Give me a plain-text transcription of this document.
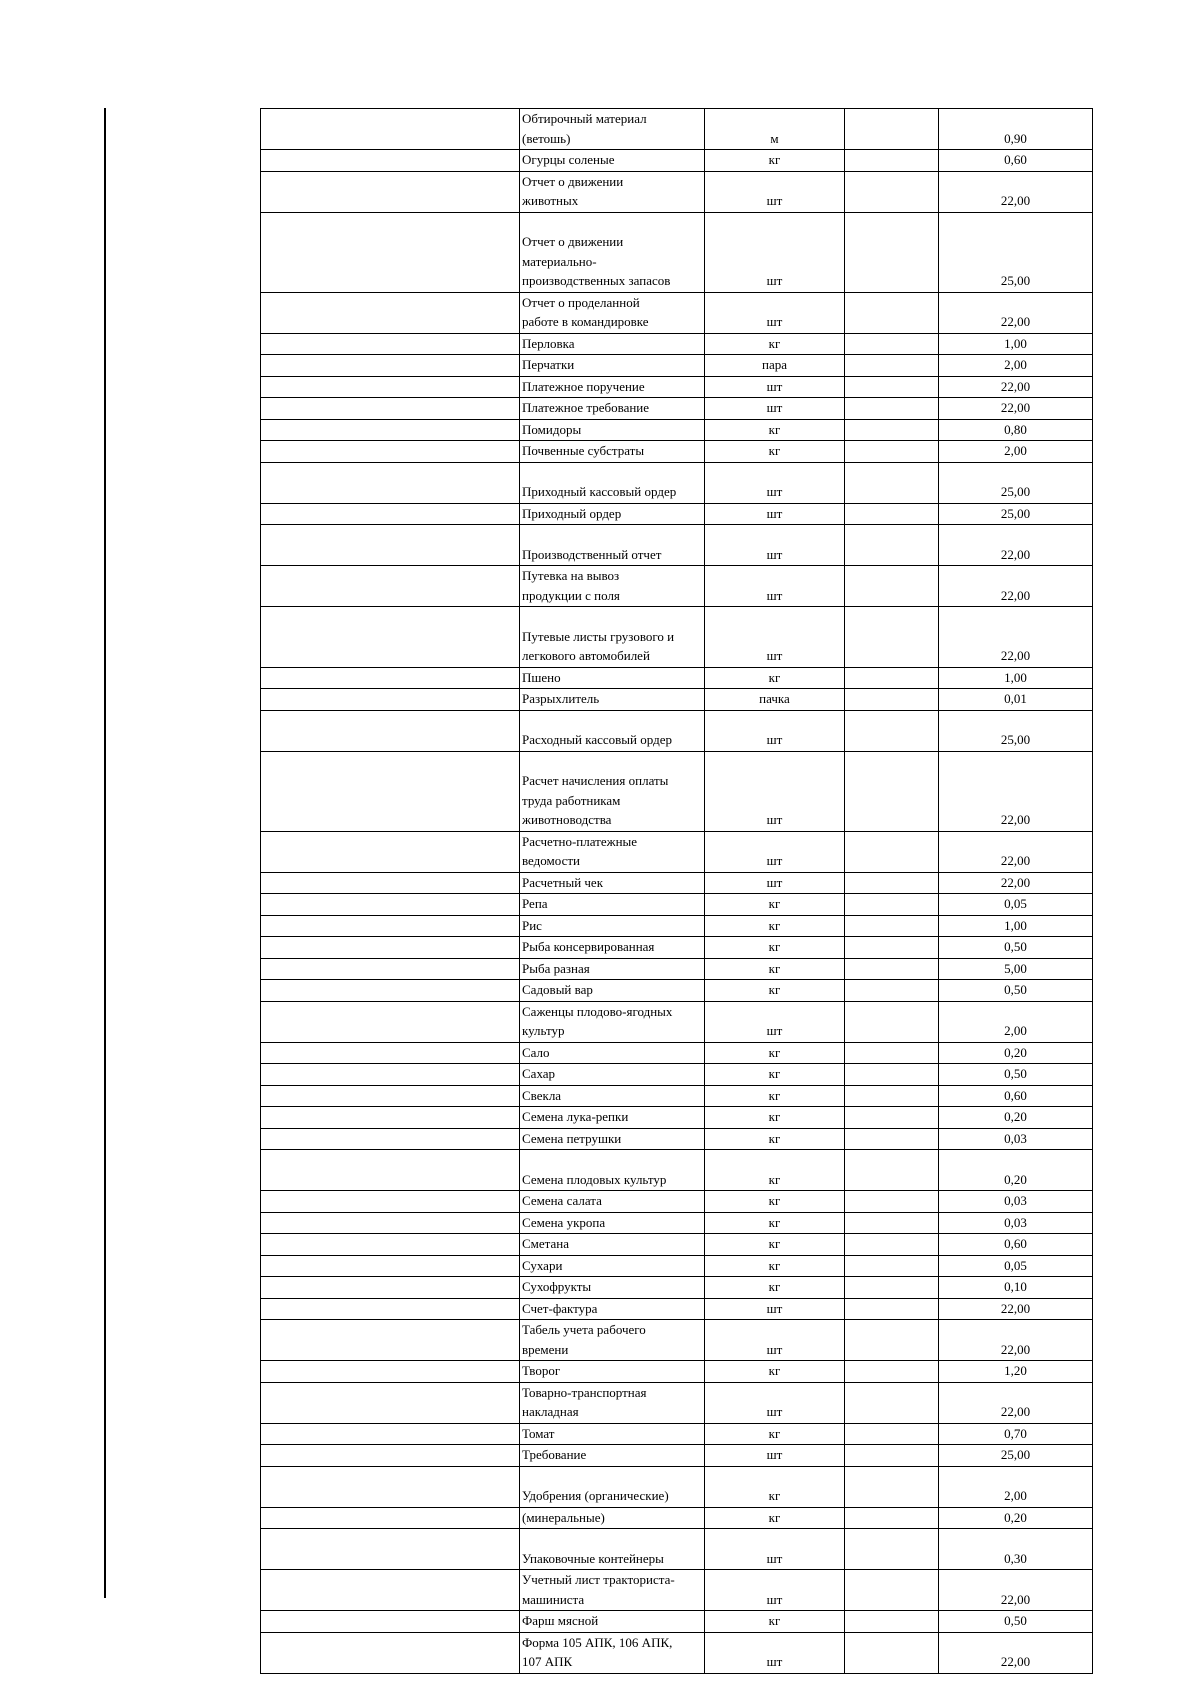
	Обтирочный материал
(ветошь)	м		0,90
	Огурцы соленые	кг		0,60
	Отчет о движении
животных	шт		22,00

Отчет о движении
материально-
производственных запасов	шт		25,00
	Отчет о проделанной
работе в командировке	шт		22,00
	Перловка	кг		1,00
	Перчатки	пара		2,00
	Платежное поручение	шт		22,00
	Платежное требование	шт		22,00
	Помидоры	кг		0,80
	Почвенные субстраты	кг		2,00

Приходный кассовый ордер	шт		25,00
	Приходный ордер	шт		25,00

Производственный отчет	шт		22,00
	Путевка на вывоз
продукции с поля	шт		22,00

Путевые листы грузового и
легкового автомобилей	шт		22,00
	Пшено	кг		1,00
	Разрыхлитель	пачка		0,01

Расходный кассовый ордер	шт		25,00

Расчет начисления оплаты
труда работникам
животноводства	шт		22,00
	Расчетно-платежные
ведомости	шт		22,00
	Расчетный чек	шт		22,00
	Репа	кг		0,05
	Рис	кг		1,00
	Рыба консервированная	кг		0,50
	Рыба разная	кг		5,00
	Садовый вар	кг		0,50
	Саженцы плодово-ягодных
культур	шт		2,00
	Сало	кг		0,20
	Сахар	кг		0,50
	Свекла	кг		0,60
	Семена лука-репки	кг		0,20
	Семена петрушки	кг		0,03

Семена плодовых культур	кг		0,20
	Семена салата	кг		0,03
	Семена укропа	кг		0,03
	Сметана	кг		0,60
	Сухари	кг		0,05
	Сухофрукты	кг		0,10
	Счет-фактура	шт		22,00
	Табель учета рабочего
времени	шт		22,00
	Творог	кг		1,20
	Товарно-транспортная
накладная	шт		22,00
	Томат	кг		0,70
	Требование	шт		25,00

Удобрения (органические)	кг		2,00
	(минеральные)	кг		0,20

Упаковочные контейнеры	шт		0,30
	Учетный лист тракториста-
машиниста	шт		22,00
	Фарш мясной	кг		0,50
	Форма 105 АПК, 106 АПК,
107 АПК	шт		22,00
